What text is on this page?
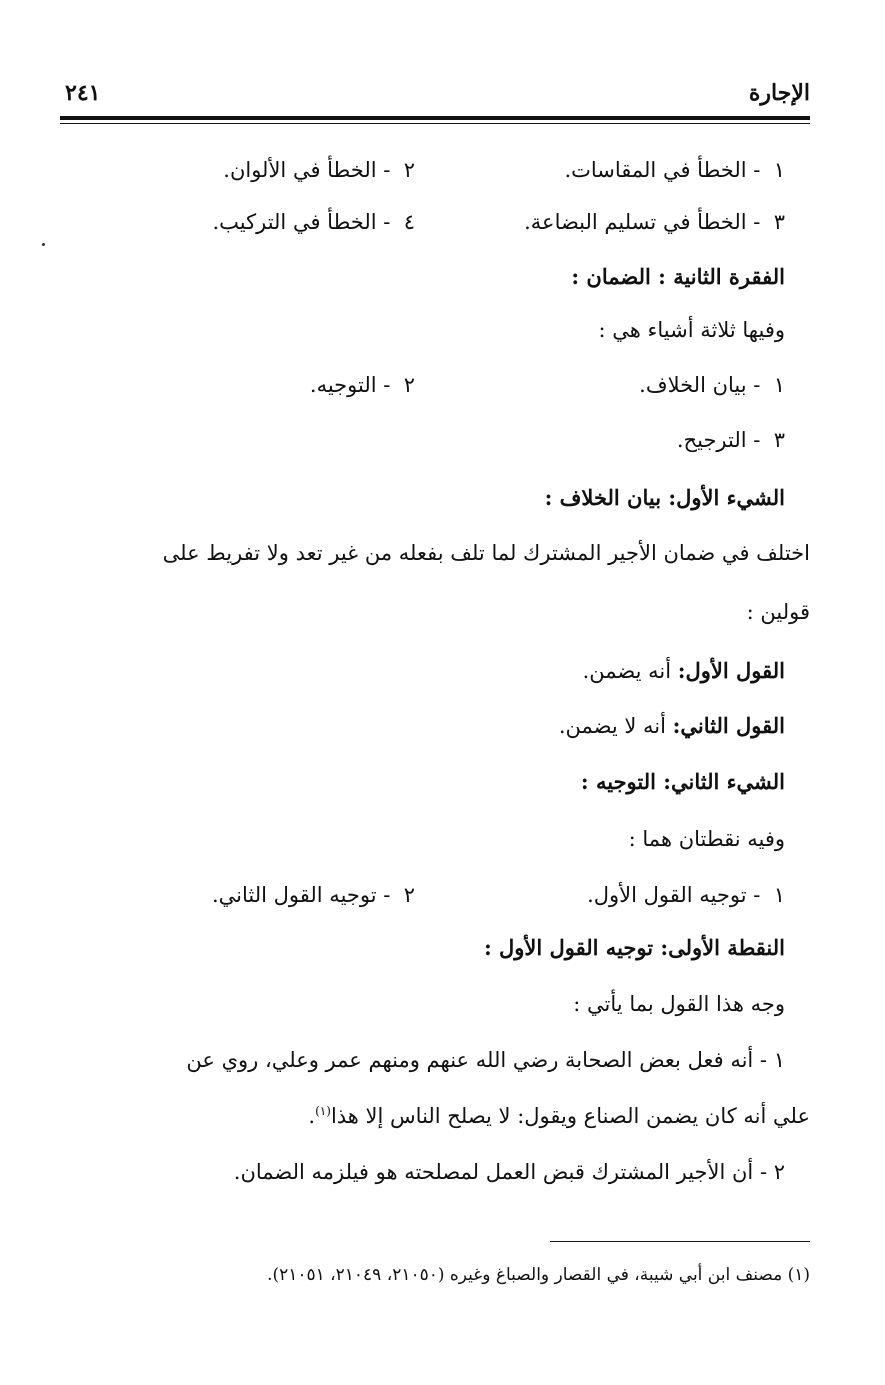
الإجارة
٢٤١
١  - الخطأ في المقاسات.
٢  - الخطأ في الألوان.
٣  - الخطأ في تسليم البضاعة.
٤  - الخطأ في التركيب.
الفقرة الثانية : الضمان :
وفيها ثلاثة أشياء هي :
١  - بيان الخلاف.
٢  - التوجيه.
٣  - الترجيح.
الشيء الأول: بيان الخلاف :
اختلف في ضمان الأجير المشترك لما تلف بفعله من غير تعد ولا تفريط على
قولين :
القول الأول: أنه يضمن.
القول الثاني: أنه لا يضمن.
الشيء الثاني: التوجيه :
وفيه نقطتان هما :
١  - توجيه القول الأول.
٢  - توجيه القول الثاني.
النقطة الأولى: توجيه القول الأول :
وجه هذا القول بما يأتي :
١ - أنه فعل بعض الصحابة رضي الله عنهم ومنهم عمر وعلي، روي عن
علي أنه كان يضمن الصناع ويقول: لا يصلح الناس إلا هذا$^{(١)}$.
٢ - أن الأجير المشترك قبض العمل لمصلحته هو فيلزمه الضمان.
(١) مصنف ابن أبي شيبة، في القصار والصباغ وغيره (٢١٠٥٠، ٢١٠٤٩، ٢١٠٥١).
